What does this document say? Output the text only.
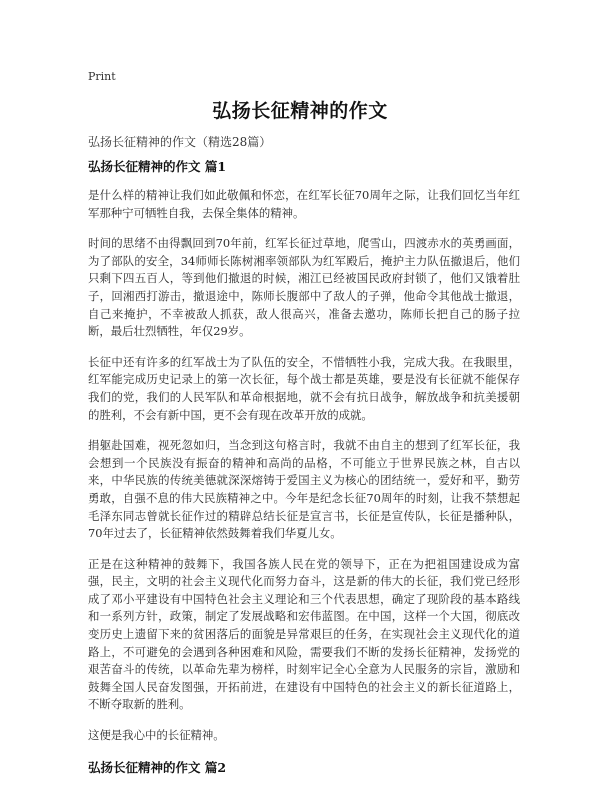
Print
弘扬长征精神的作文
弘扬长征精神的作文（精选28篇）
弘扬长征精神的作文 篇1

是什么样的精神让我们如此敬佩和怀恋，在红军长征70周年之际，让我们回忆当年红军那种宁可牺牲自我，去保全集体的精神。

时间的思绪不由得飘回到70年前，红军长征过草地，爬雪山，四渡赤水的英勇画面，为了部队的安全，34师师长陈树湘率领部队为红军殿后，掩护主力队伍撤退后，他们只剩下四五百人，等到他们撤退的时候，湘江已经被国民政府封锁了，他们又饿着肚子，回湘西打游击，撤退途中，陈师长腹部中了敌人的子弹，他命令其他战士撤退，自己来掩护，不幸被敌人抓获，敌人很高兴，准备去邀功，陈师长把自己的肠子拉断，最后壮烈牺牲，年仅29岁。

长征中还有许多的红军战士为了队伍的安全，不惜牺牲小我，完成大我。在我眼里，红军能完成历史记录上的第一次长征，每个战士都是英雄，要是没有长征就不能保存我们的党，我们的人民军队和革命根据地，就不会有抗日战争，解放战争和抗美援朝的胜利，不会有新中国，更不会有现在改革开放的成就。

捐躯赴国难，视死忽如归，当念到这句格言时，我就不由自主的想到了红军长征，我会想到一个民族没有振奋的精神和高尚的品格，不可能立于世界民族之林，自古以来，中华民族的传统美德就深深熔铸于爱国主义为核心的团结统一，爱好和平，勤劳勇敢，自强不息的伟大民族精神之中。今年是纪念长征70周年的时刻，让我不禁想起毛泽东同志曾就长征作过的精辟总结长征是宣言书，长征是宣传队，长征是播种队，70年过去了，长征精神依然鼓舞着我们华夏儿女。

正是在这种精神的鼓舞下，我国各族人民在党的领导下，正在为把祖国建设成为富强，民主，文明的社会主义现代化而努力奋斗，这是新的伟大的长征，我们党已经形成了邓小平建设有中国特色社会主义理论和三个代表思想，确定了现阶段的基本路线和一系列方针，政策，制定了发展战略和宏伟蓝图。在中国，这样一个大国，彻底改变历史上遗留下来的贫困落后的面貌是异常艰巨的任务，在实现社会主义现代化的道路上，不可避免的会遇到各种困难和风险，需要我们不断的发扬长征精神，发扬党的艰苦奋斗的传统，以革命先辈为榜样，时刻牢记全心全意为人民服务的宗旨，激励和鼓舞全国人民奋发图强，开拓前进，在建设有中国特色的社会主义的新长征道路上，不断夺取新的胜利。

这便是我心中的长征精神。

弘扬长征精神的作文 篇2
